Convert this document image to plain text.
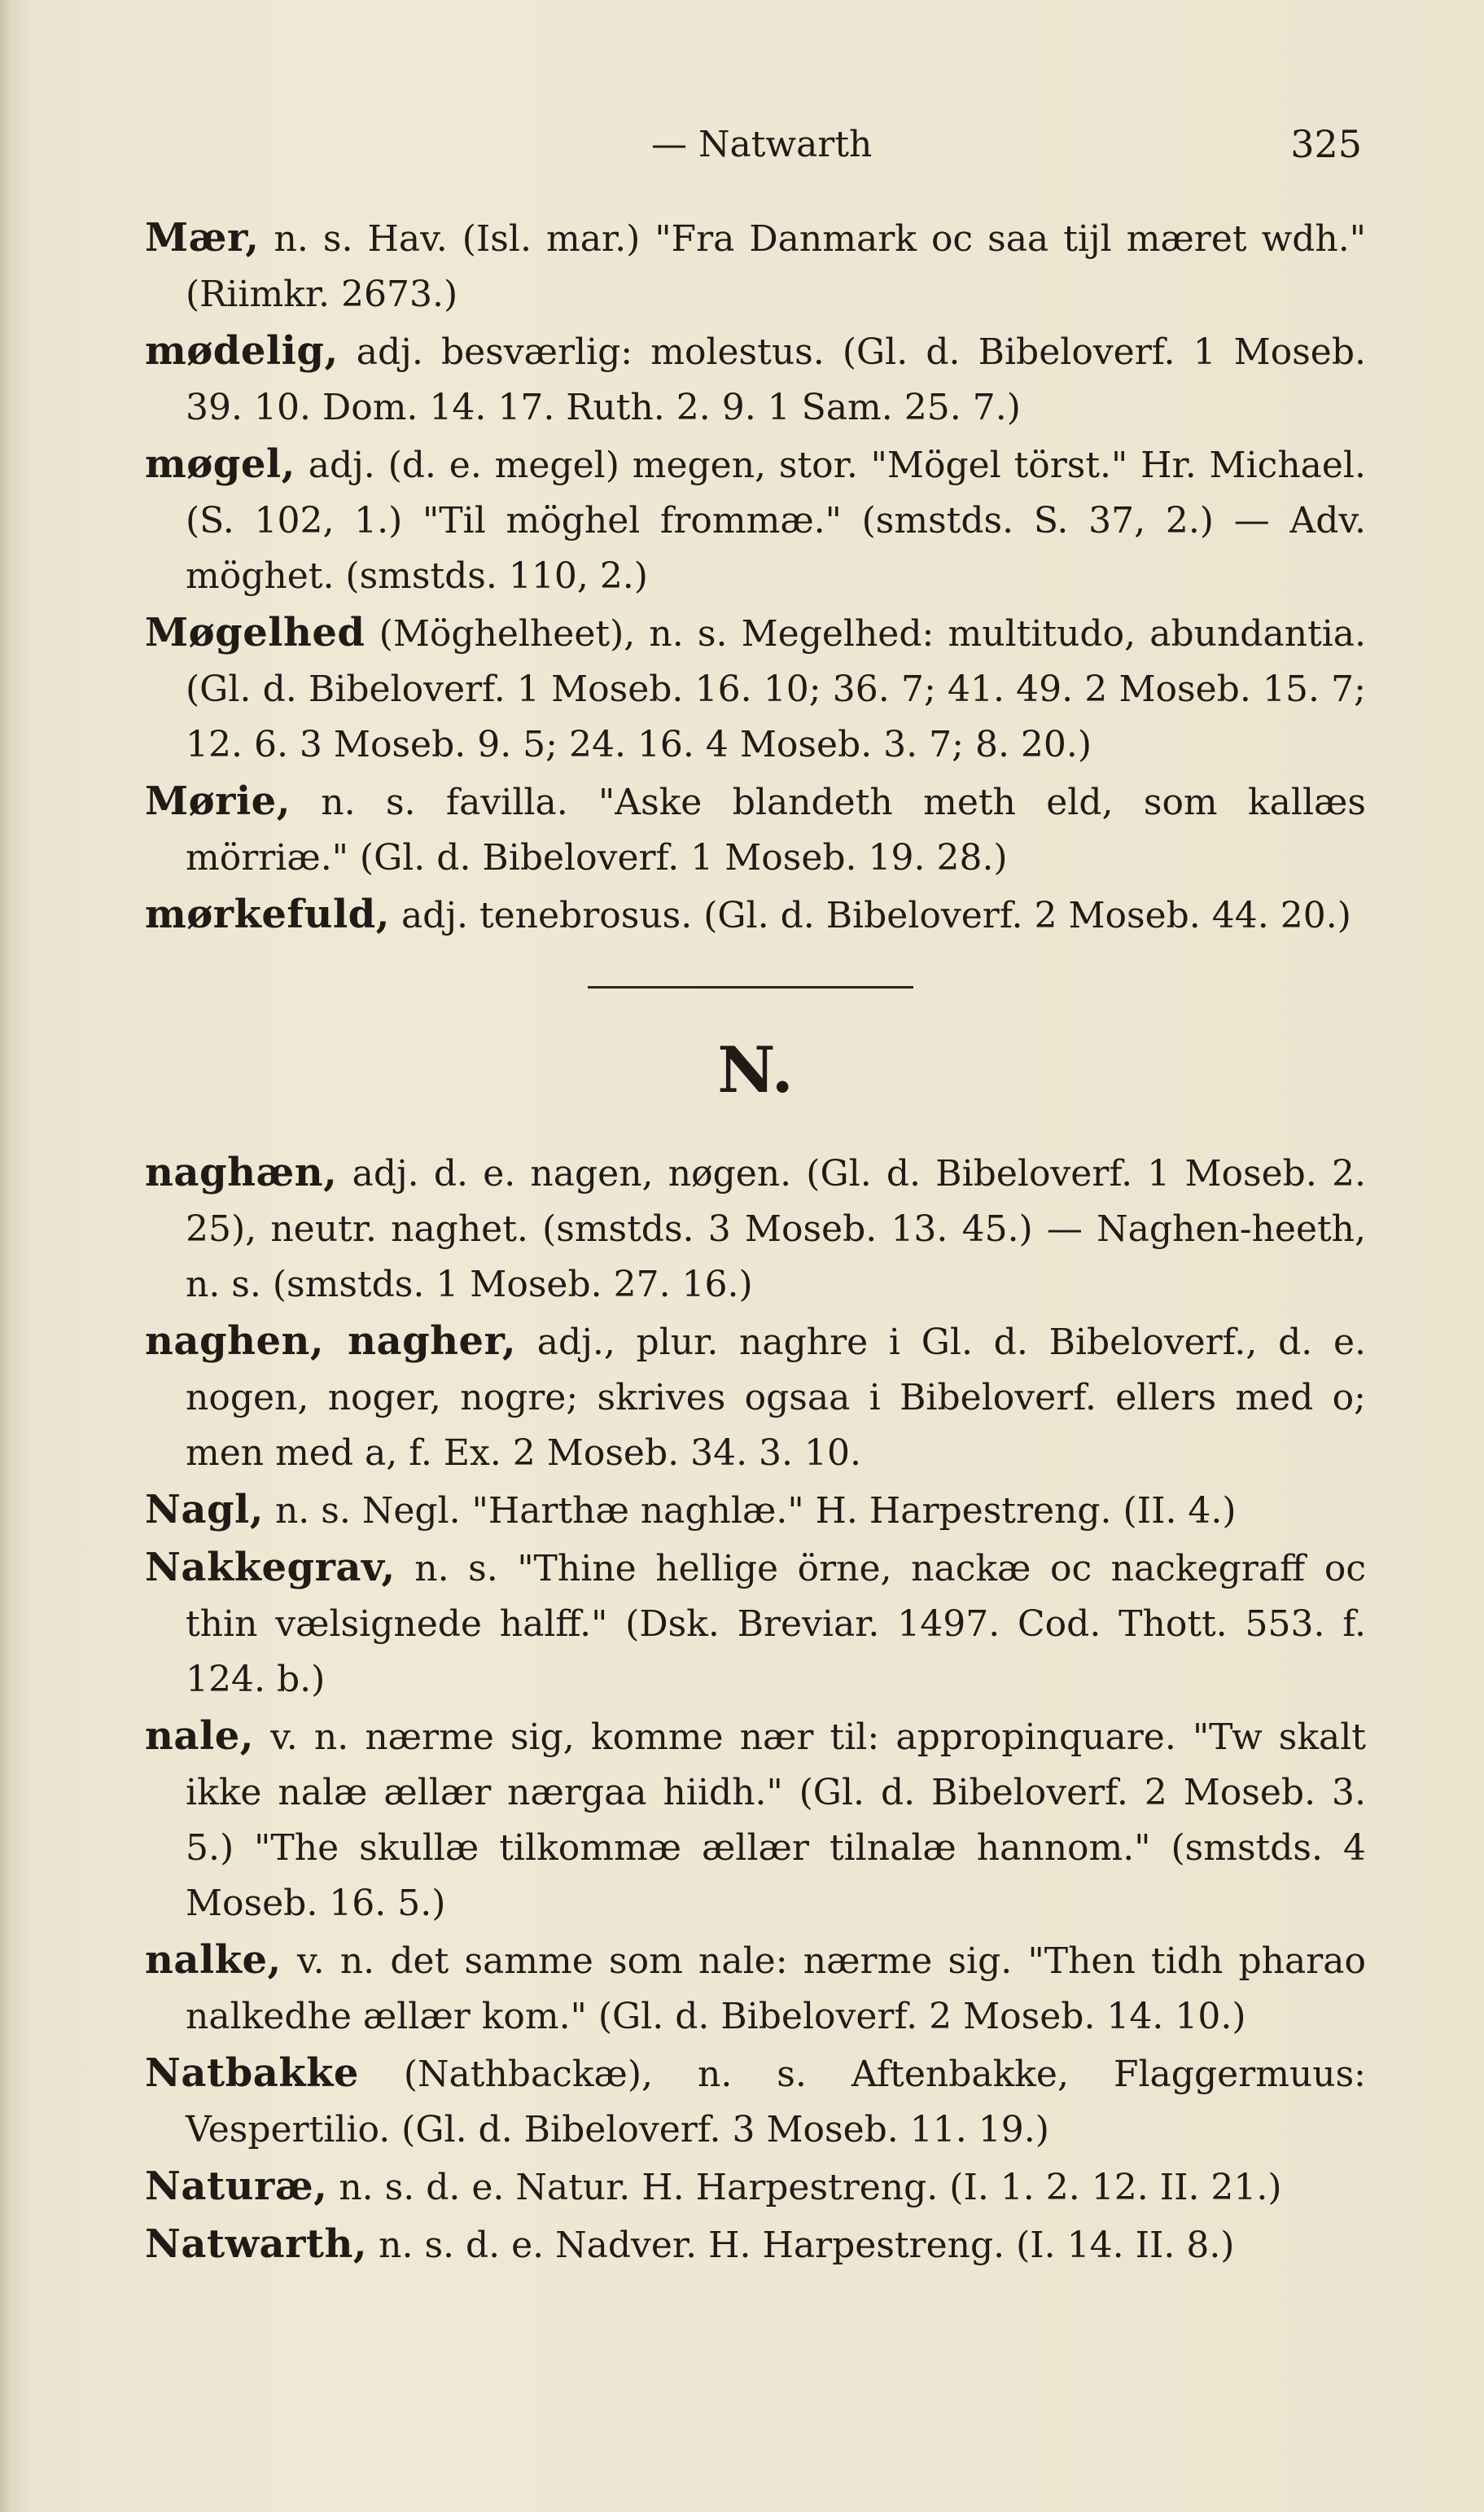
— Natwarth	325
Mær, n. s. Hav. (Isl. mar.) "Fra Danmark oc saa tijl mæret wdh." (Riimkr. 2673.)
mødelig, adj. besværlig: molestus. (Gl. d. Bibeloverf. 1 Moseb. 39. 10. Dom. 14. 17. Ruth. 2. 9. 1 Sam. 25. 7.)
møgel, adj. (d. e. megel) megen, stor. "Mögel törst." Hr. Michael. (S. 102, 1.) "Til möghel frommæ." (smstds. S. 37, 2.) — Adv. möghet. (smstds. 110, 2.)
Møgelhed (Möghelheet), n. s. Megelhed: multitudo, abundantia. (Gl. d. Bibeloverf. 1 Moseb. 16. 10; 36. 7; 41. 49. 2 Moseb. 15. 7; 12. 6. 3 Moseb. 9. 5; 24. 16. 4 Moseb. 3. 7; 8. 20.)
Mørie, n. s. favilla. "Aske blandeth meth eld, som kallæs mörriæ." (Gl. d. Bibeloverf. 1 Moseb. 19. 28.)
mørkefuld, adj. tenebrosus. (Gl. d. Bibeloverf. 2 Moseb. 44. 20.)
N.
naghæn, adj. d. e. nagen, nøgen. (Gl. d. Bibeloverf. 1 Moseb. 2. 25), neutr. naghet. (smstds. 3 Moseb. 13. 45.) — Naghen-heeth, n. s. (smstds. 1 Moseb. 27. 16.)
naghen, nagher, adj., plur. naghre i Gl. d. Bibeloverf., d. e. nogen, noger, nogre; skrives ogsaa i Bibeloverf. ellers med o; men med a, f. Ex. 2 Moseb. 34. 3. 10.
Nagl, n. s. Negl. "Harthæ naghlæ." H. Harpestreng. (II. 4.)
Nakkegrav, n. s. "Thine hellige örne, nackæ oc nackegraff oc thin vælsignede halff." (Dsk. Breviar. 1497. Cod. Thott. 553. f. 124. b.)
nale, v. n. nærme sig, komme nær til: appropinquare. "Tw skalt ikke nalæ ællær nærgaa hiidh." (Gl. d. Bibeloverf. 2 Moseb. 3. 5.) "The skullæ tilkommæ ællær tilnalæ hannom." (smstds. 4 Moseb. 16. 5.)
nalke, v. n. det samme som nale: nærme sig. "Then tidh pharao nalkedhe ællær kom." (Gl. d. Bibeloverf. 2 Moseb. 14. 10.)
Natbakke (Nathbackæ), n. s. Aftenbakke, Flaggermuus: Vespertilio. (Gl. d. Bibeloverf. 3 Moseb. 11. 19.)
Naturæ, n. s. d. e. Natur. H. Harpestreng. (I. 1. 2. 12. II. 21.)
Natwarth, n. s. d. e. Nadver. H. Harpestreng. (I. 14. II. 8.)
